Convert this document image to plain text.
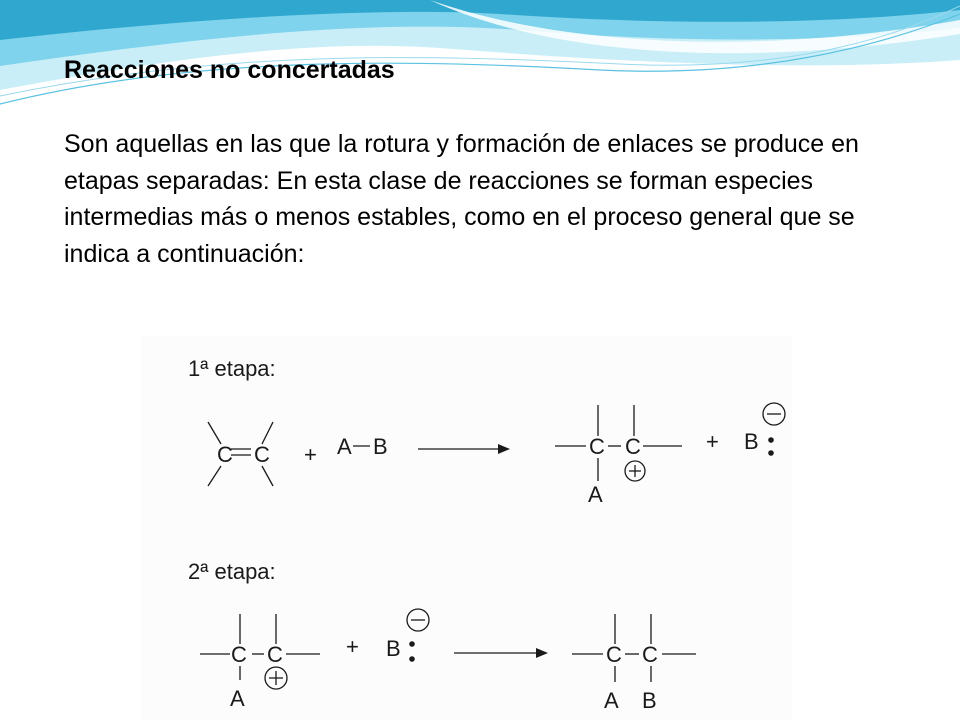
Reacciones no concertadas

Son aquellas en las que la rotura y formación de enlaces se produce en etapas separadas: En esta clase de reacciones se forman especies intermedias más o menos estables, como en el proceso general que se indica a continuación:

1ª etapa:
2ª etapa:
C C + A B	C C
A
+ B
C C
A
+ B	C C
A B
